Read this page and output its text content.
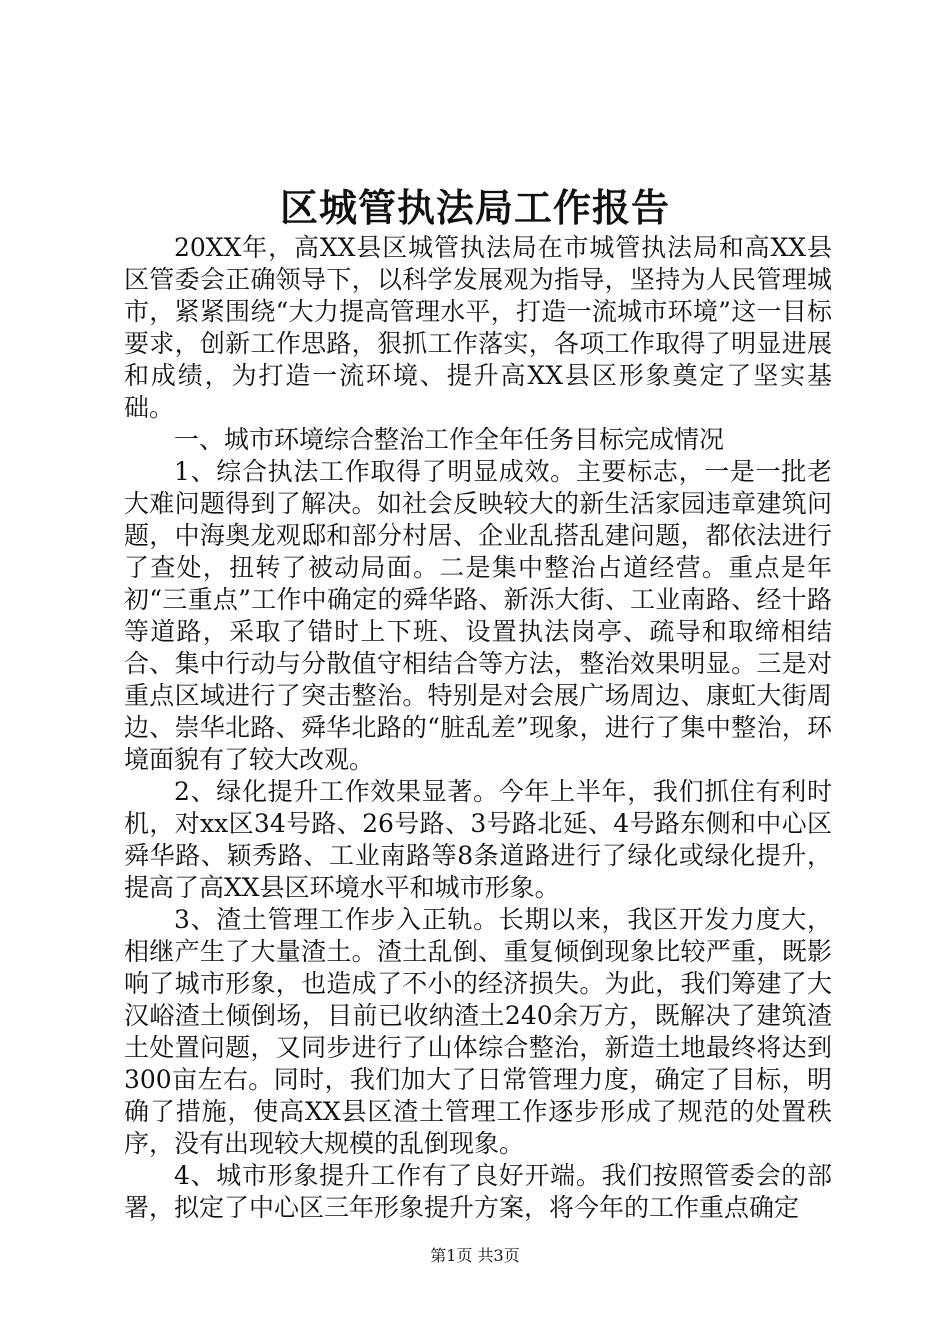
区城管执法局工作报告

20XX年，高XX县区城管执法局在市城管执法局和高XX县区管委会正确领导下，以科学发展观为指导，坚持为人民管理城市，紧紧围绕“大力提高管理水平，打造一流城市环境”这一目标要求，创新工作思路，狠抓工作落实，各项工作取得了明显进展和成绩，为打造一流环境、提升高XX县区形象奠定了坚实基础。

一、城市环境综合整治工作全年任务目标完成情况

1、综合执法工作取得了明显成效。主要标志，一是一批老大难问题得到了解决。如社会反映较大的新生活家园违章建筑问题，中海奥龙观邸和部分村居、企业乱搭乱建问题，都依法进行了查处，扭转了被动局面。二是集中整治占道经营。重点是年初“三重点”工作中确定的舜华路、新泺大街、工业南路、经十路等道路，采取了错时上下班、设置执法岗亭、疏导和取缔相结合、集中行动与分散值守相结合等方法，整治效果明显。三是对重点区域进行了突击整治。特别是对会展广场周边、康虹大街周边、崇华北路、舜华北路的“脏乱差”现象，进行了集中整治，环境面貌有了较大改观。

2、绿化提升工作效果显著。今年上半年，我们抓住有利时机，对xx区34号路、26号路、3号路北延、4号路东侧和中心区舜华路、颖秀路、工业南路等8条道路进行了绿化或绿化提升，提高了高XX县区环境水平和城市形象。

3、渣土管理工作步入正轨。长期以来，我区开发力度大，相继产生了大量渣土。渣土乱倒、重复倾倒现象比较严重，既影响了城市形象，也造成了不小的经济损失。为此，我们筹建了大汉峪渣土倾倒场，目前已收纳渣土240余万方，既解决了建筑渣土处置问题，又同步进行了山体综合整治，新造土地最终将达到300亩左右。同时，我们加大了日常管理力度，确定了目标，明确了措施，使高XX县区渣土管理工作逐步形成了规范的处置秩序，没有出现较大规模的乱倒现象。

4、城市形象提升工作有了良好开端。我们按照管委会的部署，拟定了中心区三年形象提升方案，将今年的工作重点确定

第1页 共3页
